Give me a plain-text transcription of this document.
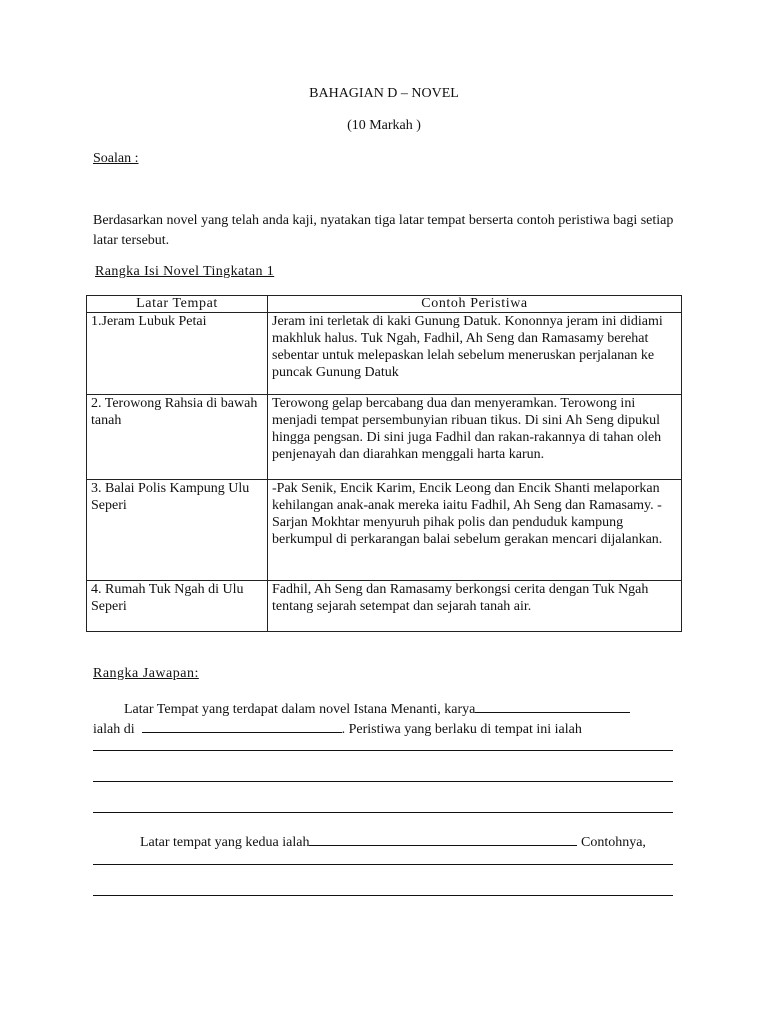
BAHAGIAN D – NOVEL
(10 Markah )
Soalan :
Berdasarkan novel yang telah anda kaji, nyatakan tiga latar tempat berserta contoh peristiwa bagi setiap latar tersebut.
Rangka Isi Novel Tingkatan 1
Latar Tempat	Contoh Peristiwa
1.Jeram Lubuk Petai	Jeram ini terletak di kaki Gunung Datuk. Kononnya jeram ini didiami makhluk halus. Tuk Ngah, Fadhil, Ah Seng dan Ramasamy berehat sebentar untuk melepaskan lelah sebelum meneruskan perjalanan ke puncak Gunung Datuk
2. Terowong Rahsia di bawah tanah	Terowong gelap bercabang dua dan menyeramkan. Terowong ini menjadi tempat persembunyian ribuan tikus. Di sini Ah Seng dipukul hingga pengsan. Di sini juga Fadhil dan rakan-rakannya di tahan oleh penjenayah dan diarahkan menggali harta karun.
3. Balai Polis Kampung Ulu Seperi	-Pak Senik, Encik Karim, Encik Leong dan Encik Shanti melaporkan kehilangan anak-anak mereka iaitu Fadhil, Ah Seng dan Ramasamy. - Sarjan Mokhtar menyuruh pihak polis dan penduduk kampung berkumpul di perkarangan balai sebelum gerakan mencari dijalankan.
4. Rumah Tuk Ngah di Ulu Seperi	Fadhil, Ah Seng dan Ramasamy berkongsi cerita dengan Tuk Ngah tentang sejarah setempat dan sejarah tanah air.
Rangka Jawapan:
Latar Tempat yang terdapat dalam novel Istana Menanti, karya
ialah di	. Peristiwa yang berlaku di tempat ini ialah
Latar tempat yang kedua ialah	Contohnya,
